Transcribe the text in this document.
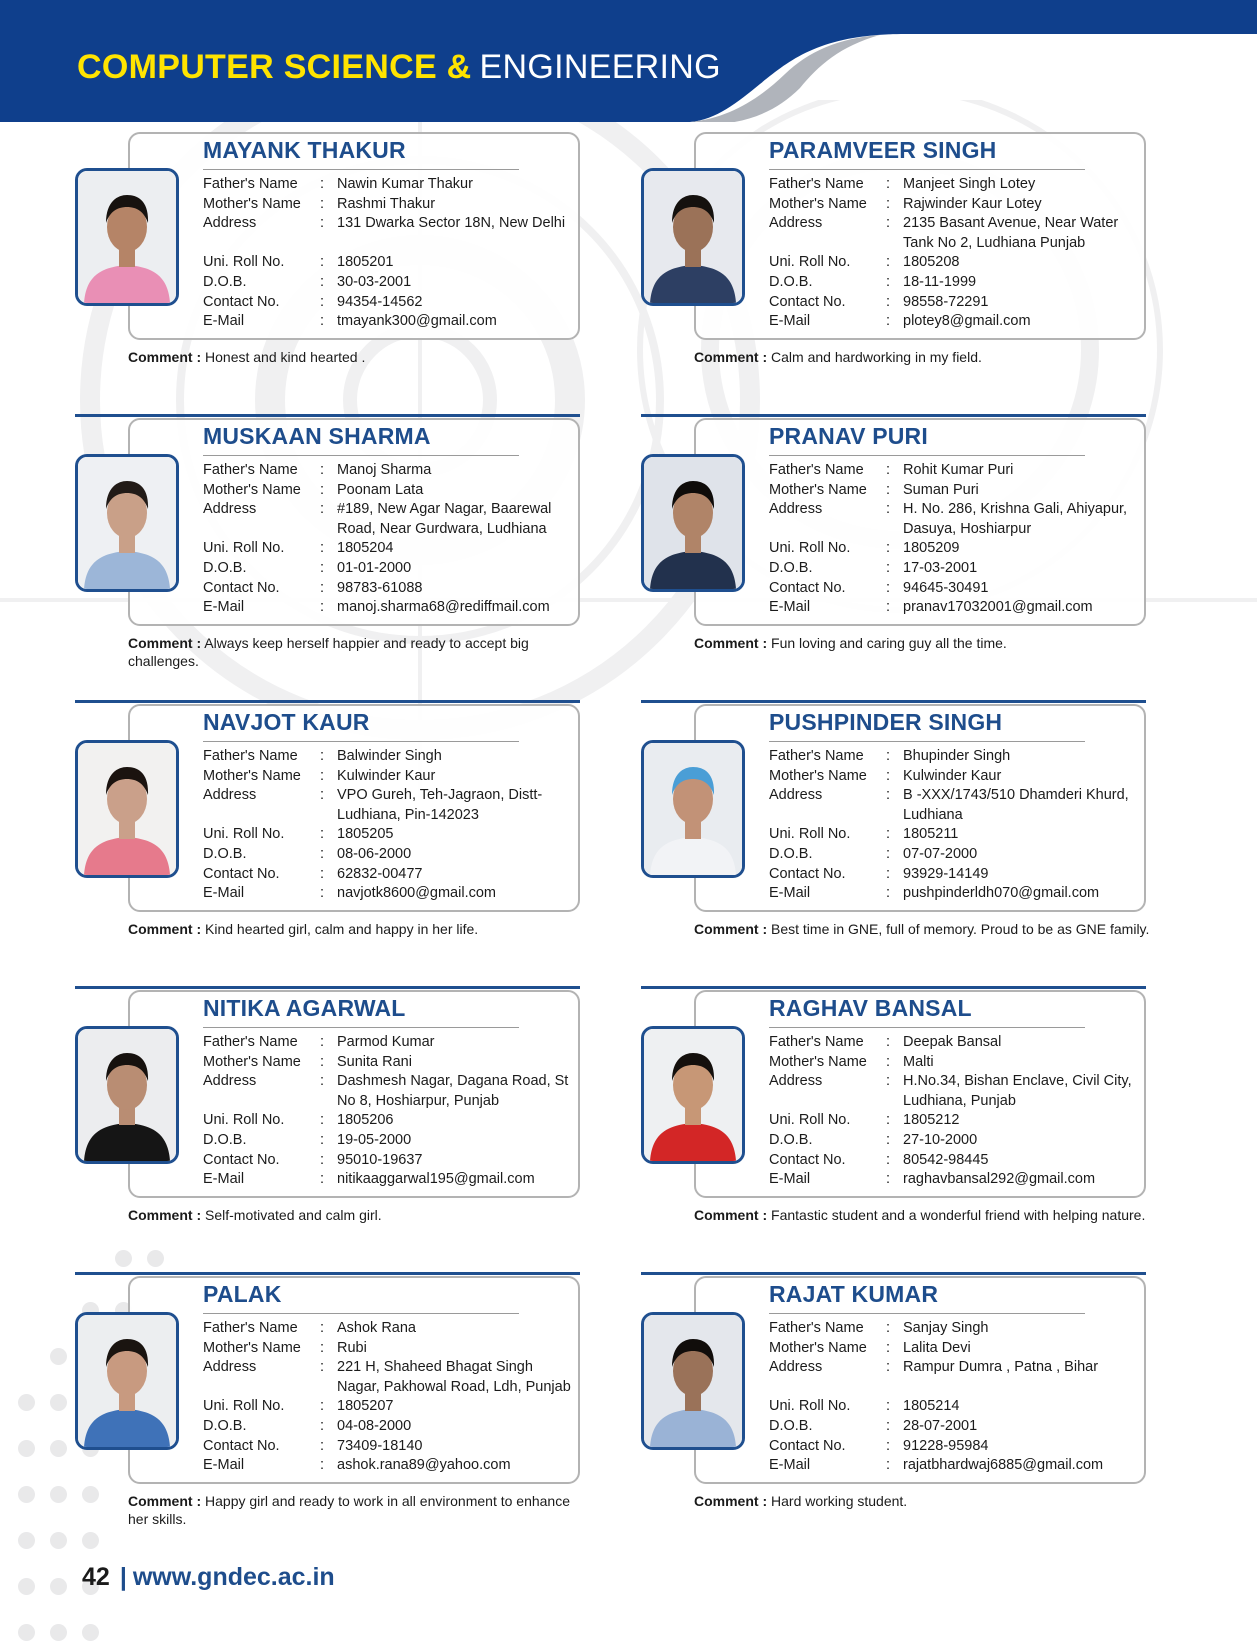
COMPUTER SCIENCE & ENGINEERING
MAYANK THAKUR
Father's Name	: Nawin Kumar Thakur
Mother's Name	: Rashmi Thakur
Address	: 131 Dwarka Sector 18N, New Delhi
Uni. Roll No.	: 1805201
D.O.B.	: 30-03-2001
Contact No.	: 94354-14562
E-Mail	: tmayank300@gmail.com
Comment : Honest and kind hearted .
PARAMVEER SINGH
Father's Name	: Manjeet Singh Lotey
Mother's Name	: Rajwinder Kaur Lotey
Address	: 2135 Basant Avenue, Near Water Tank No 2, Ludhiana Punjab
Uni. Roll No.	: 1805208
D.O.B.	: 18-11-1999
Contact No.	: 98558-72291
E-Mail	: plotey8@gmail.com
Comment : Calm and hardworking in my field.
MUSKAAN SHARMA
Father's Name	: Manoj Sharma
Mother's Name	: Poonam Lata
Address	: #189, New Agar Nagar, Baarewal Road, Near Gurdwara, Ludhiana
Uni. Roll No.	: 1805204
D.O.B.	: 01-01-2000
Contact No.	: 98783-61088
E-Mail	: manoj.sharma68@rediffmail.com
Comment : Always keep herself happier and ready to accept big challenges.
PRANAV PURI
Father's Name	: Rohit Kumar Puri
Mother's Name	: Suman Puri
Address	: H. No. 286, Krishna Gali, Ahiyapur, Dasuya, Hoshiarpur
Uni. Roll No.	: 1805209
D.O.B.	: 17-03-2001
Contact No.	: 94645-30491
E-Mail	: pranav17032001@gmail.com
Comment : Fun loving and caring guy all the time.
NAVJOT KAUR
Father's Name	: Balwinder Singh
Mother's Name	: Kulwinder Kaur
Address	: VPO Gureh, Teh-Jagraon, Distt-Ludhiana, Pin-142023
Uni. Roll No.	: 1805205
D.O.B.	: 08-06-2000
Contact No.	: 62832-00477
E-Mail	: navjotk8600@gmail.com
Comment : Kind hearted girl, calm and happy in her life.
PUSHPINDER SINGH
Father's Name	: Bhupinder Singh
Mother's Name	: Kulwinder Kaur
Address	: B -XXX/1743/510 Dhamderi Khurd, Ludhiana
Uni. Roll No.	: 1805211
D.O.B.	: 07-07-2000
Contact No.	: 93929-14149
E-Mail	: pushpinderldh070@gmail.com
Comment : Best time in GNE, full of memory. Proud to be as GNE family.
NITIKA AGARWAL
Father's Name	: Parmod Kumar
Mother's Name	: Sunita Rani
Address	: Dashmesh Nagar, Dagana Road, St No 8, Hoshiarpur, Punjab
Uni. Roll No.	: 1805206
D.O.B.	: 19-05-2000
Contact No.	: 95010-19637
E-Mail	: nitikaaggarwal195@gmail.com
Comment : Self-motivated and calm girl.
RAGHAV BANSAL
Father's Name	: Deepak Bansal
Mother's Name	: Malti
Address	: H.No.34, Bishan Enclave, Civil City, Ludhiana, Punjab
Uni. Roll No.	: 1805212
D.O.B.	: 27-10-2000
Contact No.	: 80542-98445
E-Mail	: raghavbansal292@gmail.com
Comment : Fantastic student and a wonderful friend with helping nature.
PALAK
Father's Name	: Ashok Rana
Mother's Name	: Rubi
Address	: 221 H, Shaheed Bhagat Singh Nagar, Pakhowal Road, Ldh, Punjab
Uni. Roll No.	: 1805207
D.O.B.	: 04-08-2000
Contact No.	: 73409-18140
E-Mail	: ashok.rana89@yahoo.com
Comment : Happy girl and ready to work in all environment to enhance her skills.
RAJAT KUMAR
Father's Name	: Sanjay Singh
Mother's Name	: Lalita Devi
Address	: Rampur Dumra , Patna , Bihar
Uni. Roll No.	: 1805214
D.O.B.	: 28-07-2001
Contact No.	: 91228-95984
E-Mail	: rajatbhardwaj6885@gmail.com
Comment : Hard working student.
42 | www.gndec.ac.in
